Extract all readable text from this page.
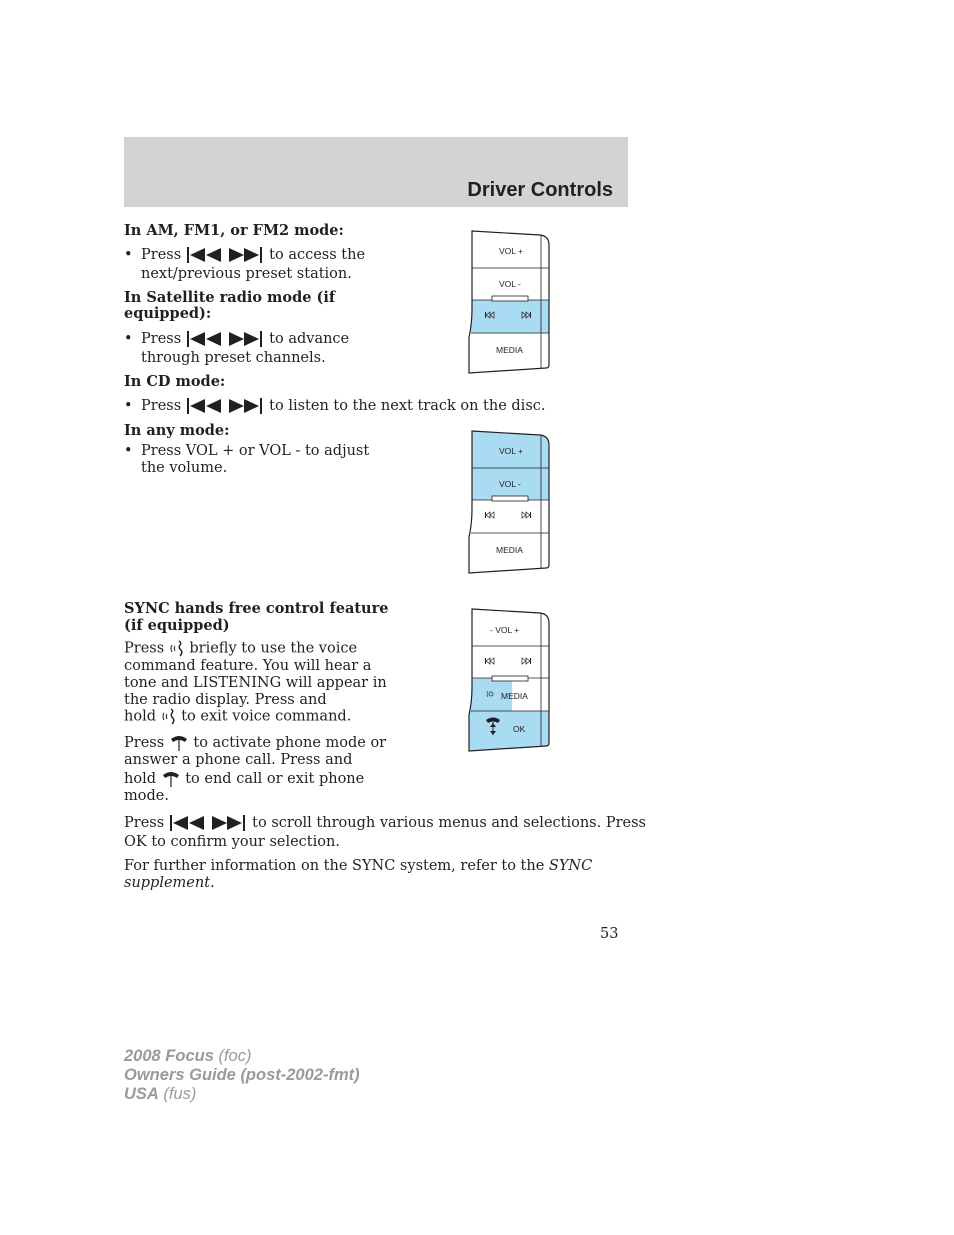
Driver Controls
In AM, FM1, or FM2 mode:
• Press	to access the
next/previous preset station.
In Satellite radio mode (if
equipped):
• Press	to advance
through preset channels.
In CD mode:
• Press	to listen to the next track on the disc.
In any mode:
• Press VOL + or VOL - to adjust
the volume.
VOL +
VOL -
MEDIA
VOL +
VOL -
MEDIA
- VOL +
MEDIA
OK
SYNC hands free control feature
(if equipped)
Press briefly to use the voice
command feature. You will hear a
tone and LISTENING will appear in
the radio display. Press and
hold to exit voice command.
Press to activate phone mode or
answer a phone call. Press and
hold to end call or exit phone
mode.
Press	to scroll through various menus and selections. Press
OK to confirm your selection.
For further information on the SYNC system, refer to the SYNC
supplement.
53
2008 Focus (foc)
Owners Guide (post-2002-fmt)
USA (fus)
